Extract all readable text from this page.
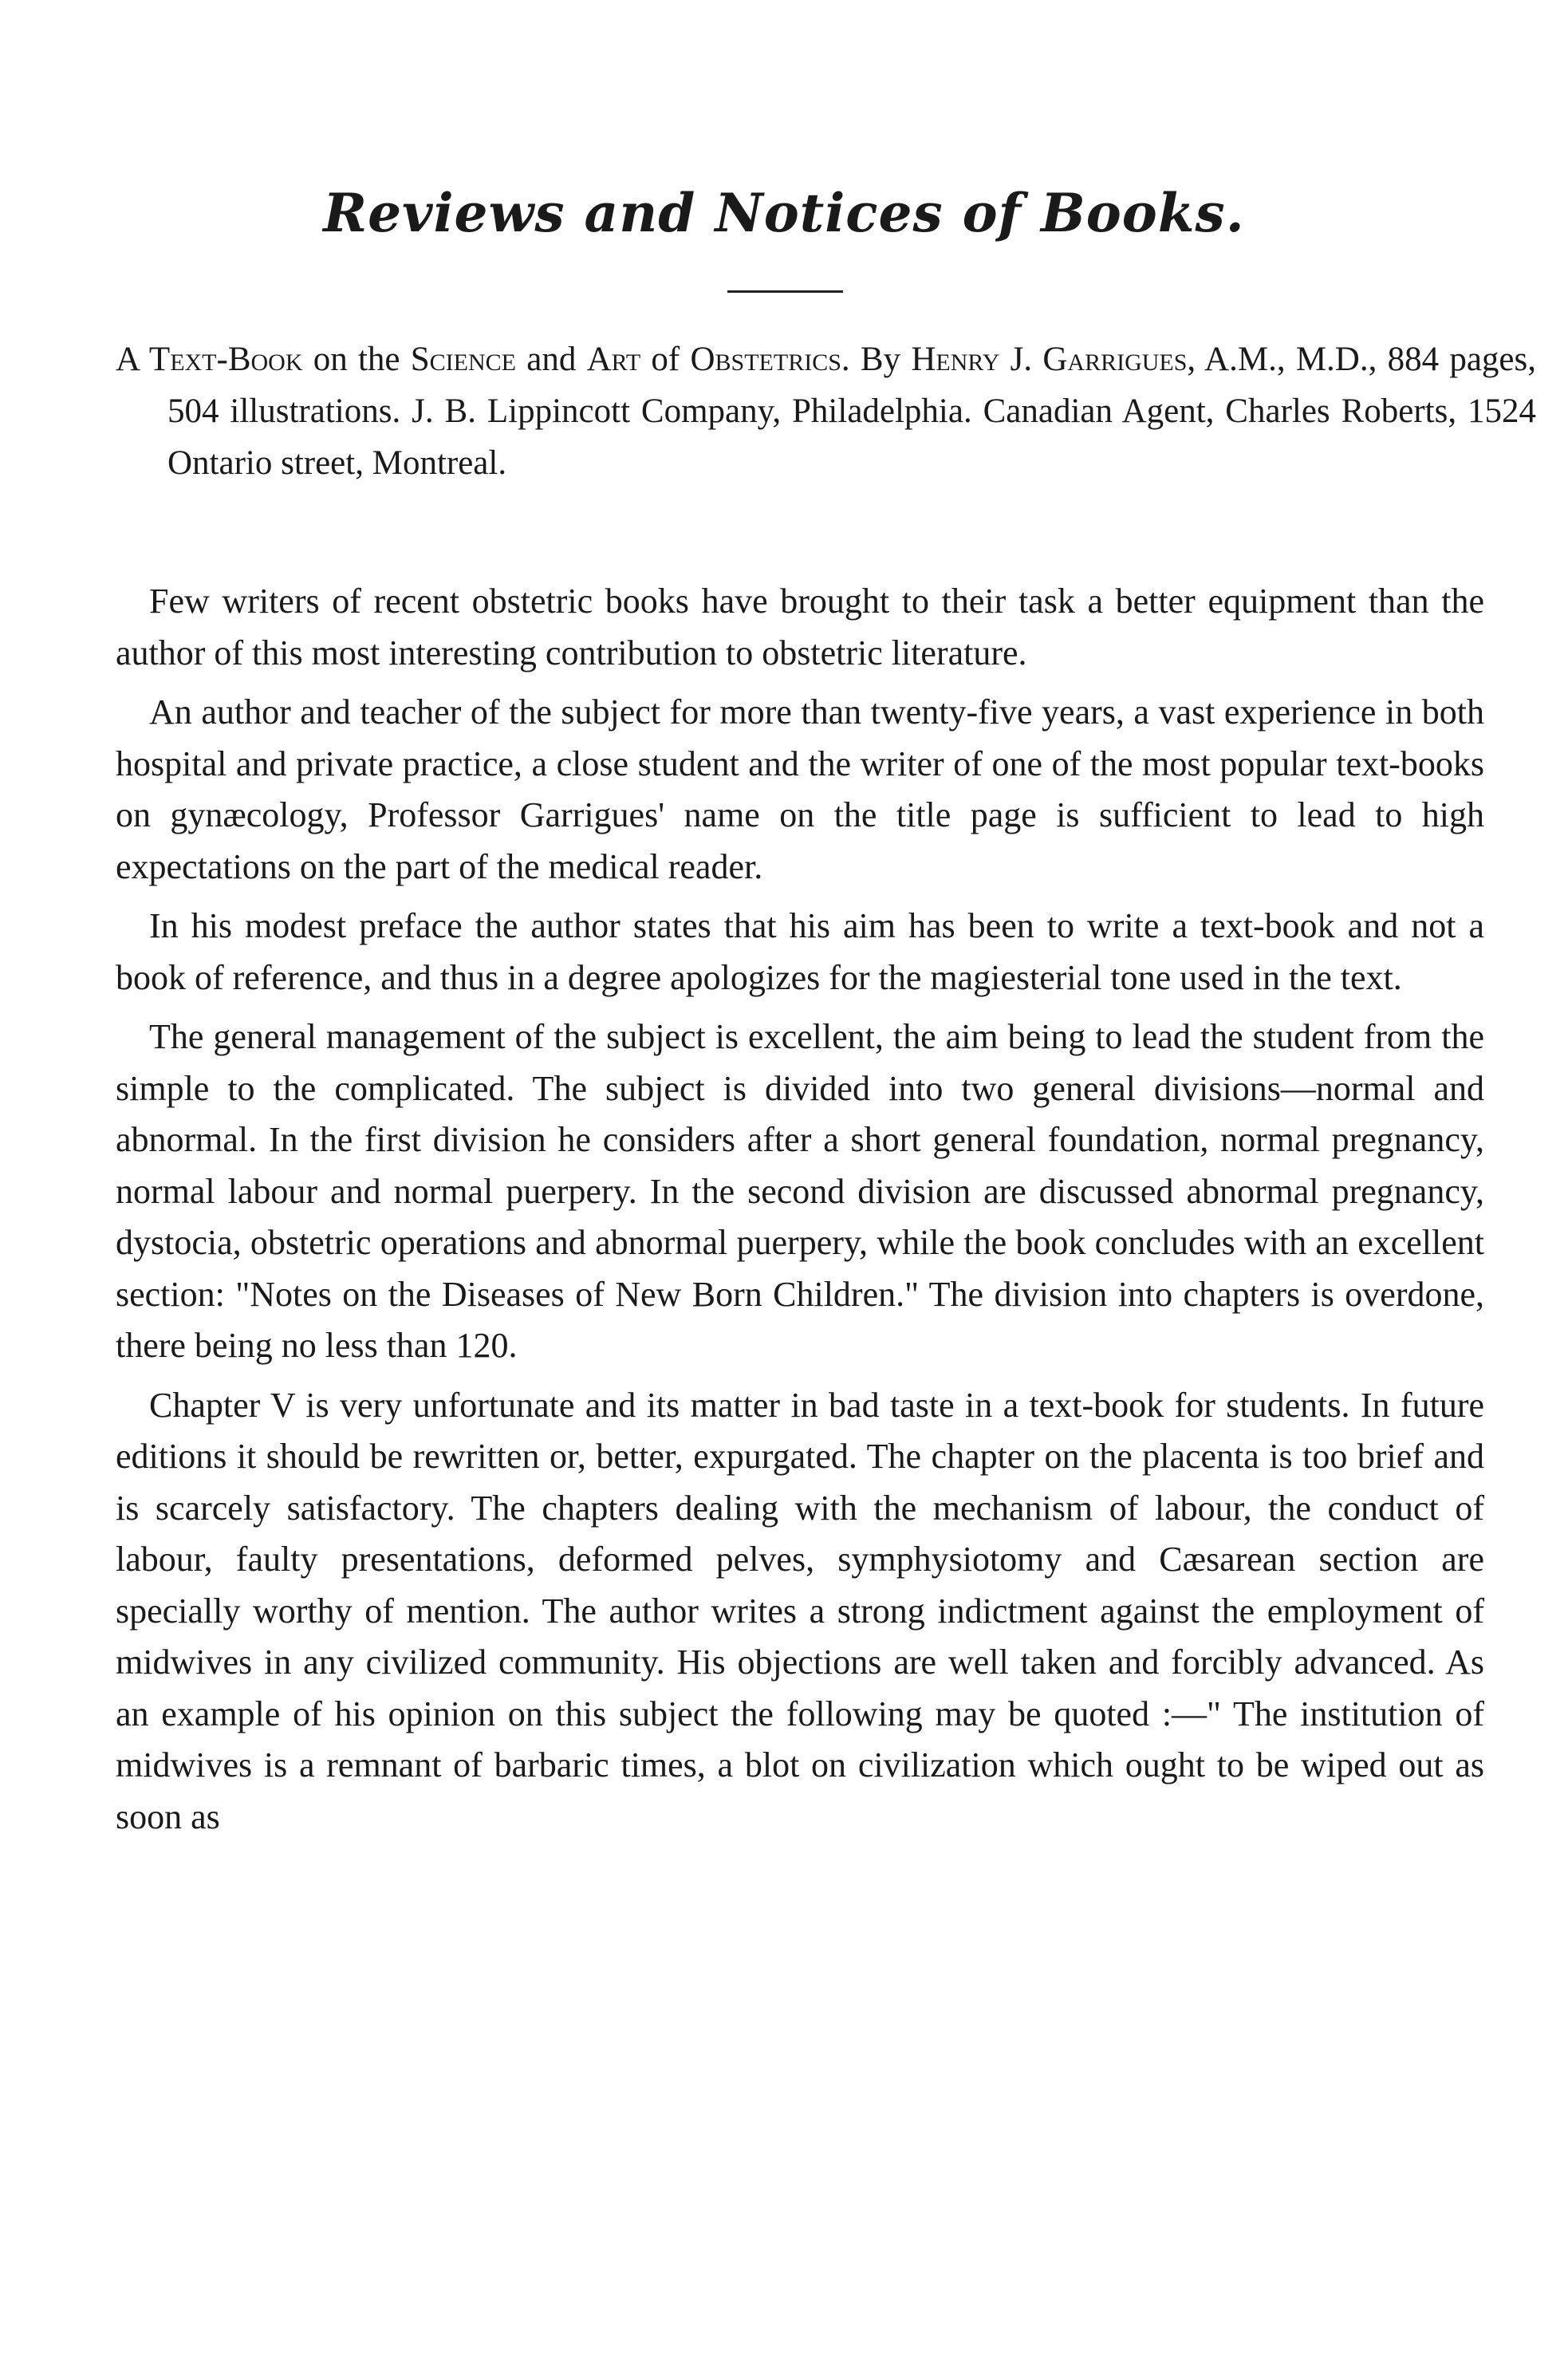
Reviews and Notices of Books.
A Text-Book on the Science and Art of Obstetrics. By Henry J. Garrigues, A.M., M.D., 884 pages, 504 illustrations. J. B. Lippincott Company, Philadelphia. Canadian Agent, Charles Roberts, 1524 Ontario street, Montreal.

Few writers of recent obstetric books have brought to their task a better equipment than the author of this most interesting contribution to obstetric literature.

An author and teacher of the subject for more than twenty-five years, a vast experience in both hospital and private practice, a close student and the writer of one of the most popular text-books on gynæcology, Professor Garrigues' name on the title page is sufficient to lead to high expectations on the part of the medical reader.

In his modest preface the author states that his aim has been to write a text-book and not a book of reference, and thus in a degree apologizes for the magiesterial tone used in the text.

The general management of the subject is excellent, the aim being to lead the student from the simple to the complicated. The subject is divided into two general divisions—normal and abnormal. In the first division he considers after a short general foundation, normal pregnancy, normal labour and normal puerpery. In the second division are discussed abnormal pregnancy, dystocia, obstetric operations and abnormal puerpery, while the book concludes with an excellent section: "Notes on the Diseases of New Born Children." The division into chapters is overdone, there being no less than 120.

Chapter V is very unfortunate and its matter in bad taste in a text-book for students. In future editions it should be rewritten or, better, expurgated. The chapter on the placenta is too brief and is scarcely satisfactory. The chapters dealing with the mechanism of labour, the conduct of labour, faulty presentations, deformed pelves, symphysiotomy and Cæsarean section are specially worthy of mention. The author writes a strong indictment against the employment of midwives in any civilized community. His objections are well taken and forcibly advanced. As an example of his opinion on this subject the following may be quoted :—" The institution of midwives is a remnant of barbaric times, a blot on civilization which ought to be wiped out as soon as
